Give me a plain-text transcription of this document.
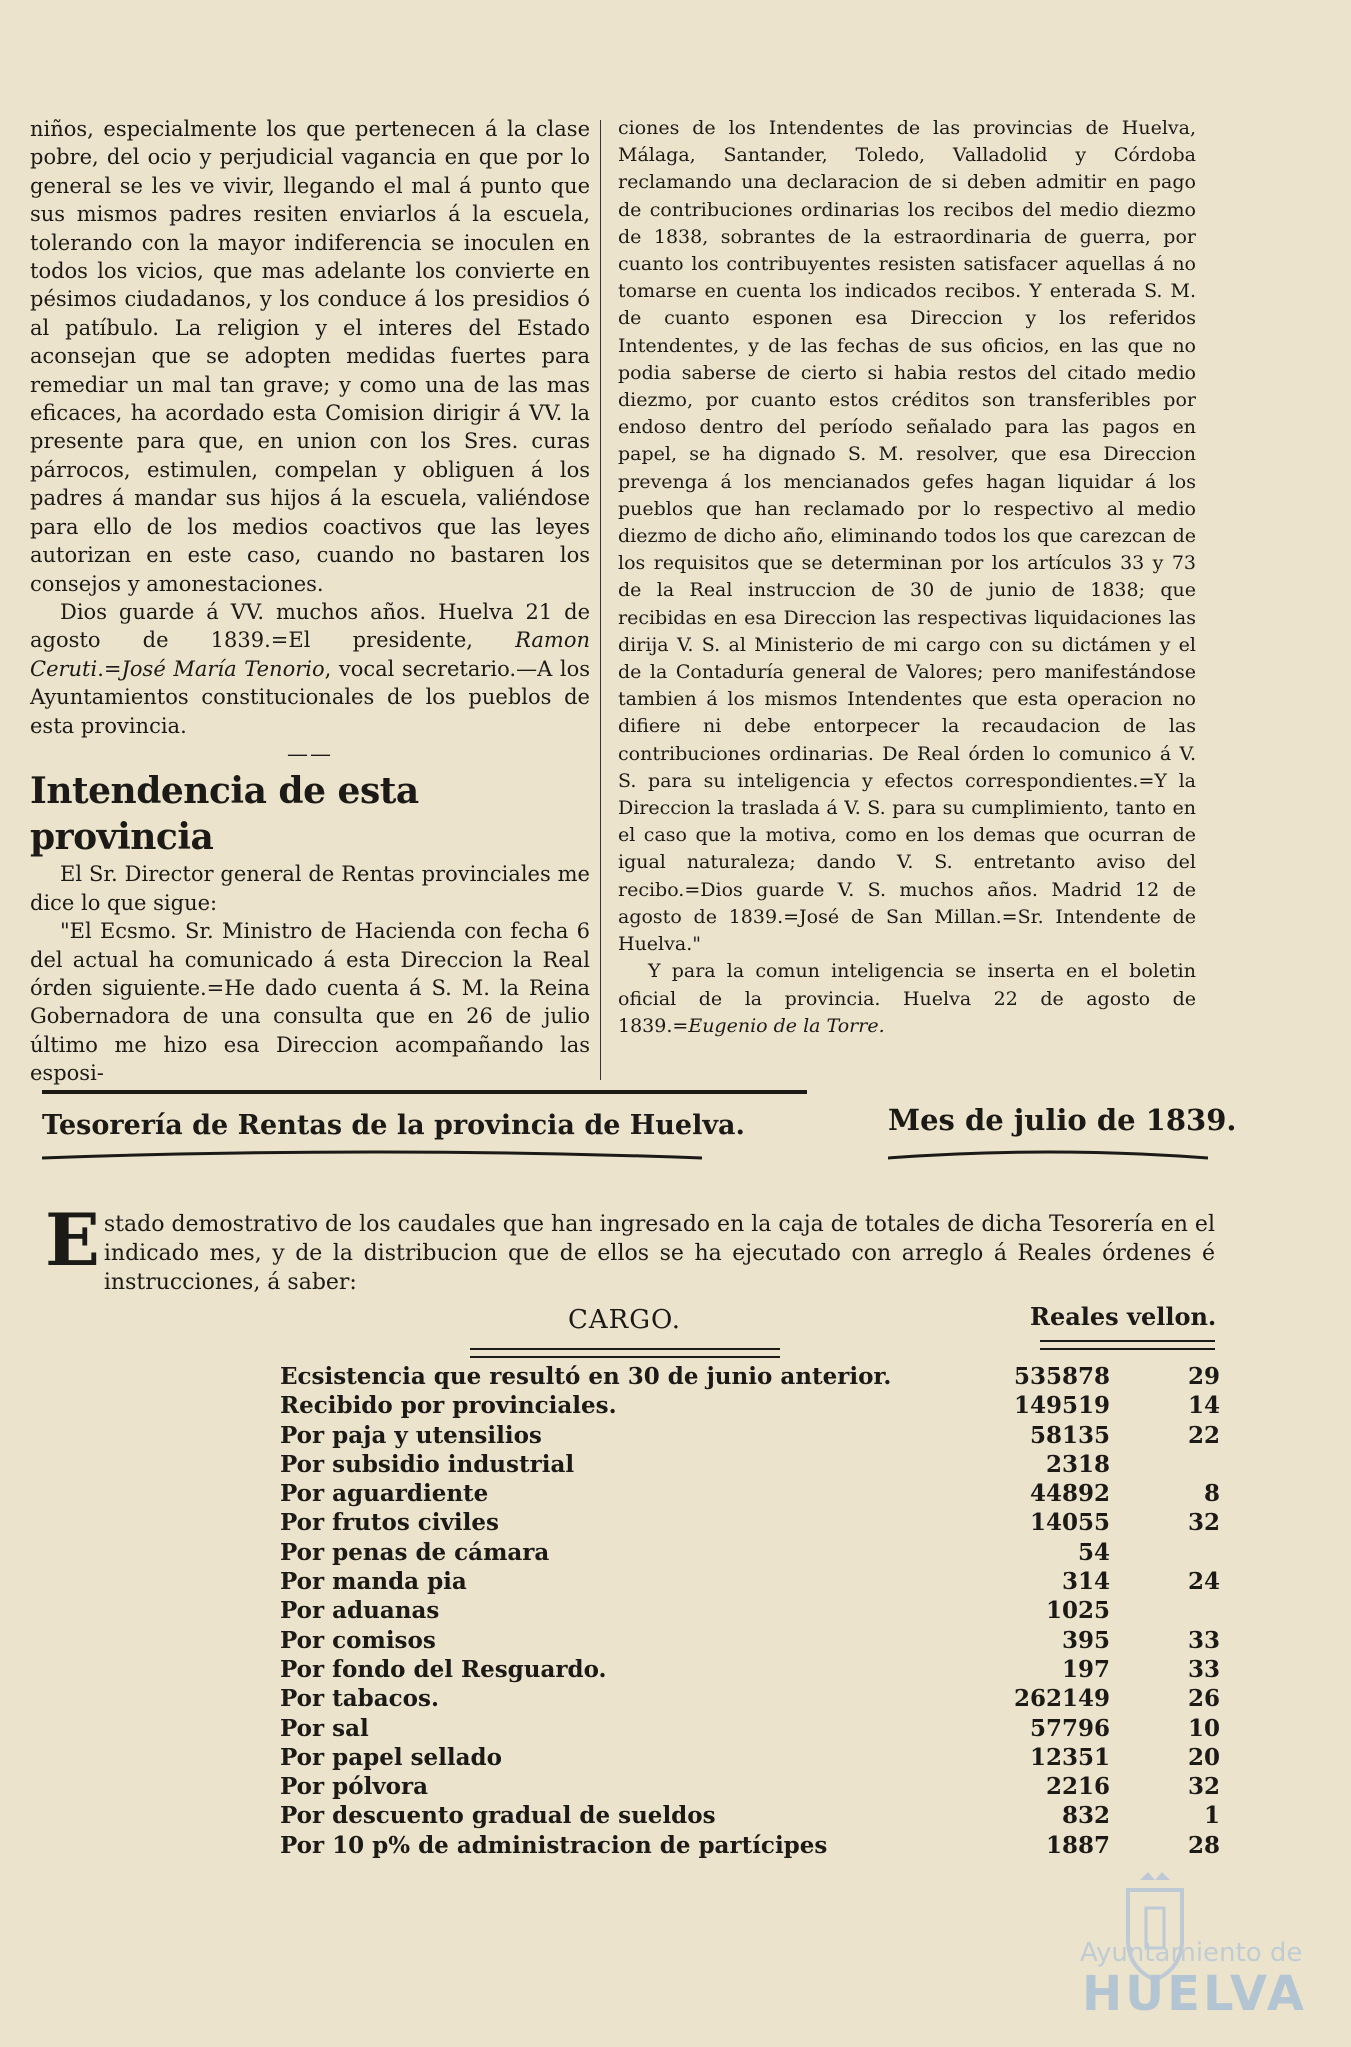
niños, especialmente los que pertenecen á la clase pobre, del ocio y perjudicial vagancia en que por lo general se les ve vivir, llegando el mal á punto que sus mismos padres resiten enviarlos á la escuela, tolerando con la mayor indiferencia se inoculen en todos los vicios, que mas adelante los convierte en pésimos ciudadanos, y los conduce á los presidios ó al patíbulo. La religion y el interes del Estado aconsejan que se adopten medidas fuertes para remediar un mal tan grave; y como una de las mas eficaces, ha acordado esta Comision dirigir á VV. la presente para que, en union con los Sres. curas párrocos, estimulen, compelan y obliguen á los padres á mandar sus hijos á la escuela, valiéndose para ello de los medios coactivos que las leyes autorizan en este caso, cuando no bastaren los consejos y amonestaciones.

Dios guarde á VV. muchos años. Huelva 21 de agosto de 1839.=El presidente, Ramon Ceruti.=José María Tenorio, vocal secretario.—A los Ayuntamientos constitucionales de los pueblos de esta provincia.

——

Intendencia de esta provincia

El Sr. Director general de Rentas provinciales me dice lo que sigue:

"El Ecsmo. Sr. Ministro de Hacienda con fecha 6 del actual ha comunicado á esta Direccion la Real órden siguiente.=He dado cuenta á S. M. la Reina Gobernadora de una consulta que en 26 de julio último me hizo esa Direccion acompañando las esposi-

ciones de los Intendentes de las provincias de Huelva, Málaga, Santander, Toledo, Valladolid y Córdoba reclamando una declaracion de si deben admitir en pago de contribuciones ordinarias los recibos del medio diezmo de 1838, sobrantes de la estraordinaria de guerra, por cuanto los contribuyentes resisten satisfacer aquellas á no tomarse en cuenta los indicados recibos. Y enterada S. M. de cuanto esponen esa Direccion y los referidos Intendentes, y de las fechas de sus oficios, en las que no podia saberse de cierto si habia restos del citado medio diezmo, por cuanto estos créditos son transferibles por endoso dentro del período señalado para las pagos en papel, se ha dignado S. M. resolver, que esa Direccion prevenga á los mencianados gefes hagan liquidar á los pueblos que han reclamado por lo respectivo al medio diezmo de dicho año, eliminando todos los que carezcan de los requisitos que se determinan por los artículos 33 y 73 de la Real instruccion de 30 de junio de 1838; que recibidas en esa Direccion las respectivas liquidaciones las dirija V. S. al Ministerio de mi cargo con su dictámen y el de la Contaduría general de Valores; pero manifestándose tambien á los mismos Intendentes que esta operacion no difiere ni debe entorpecer la recaudacion de las contribuciones ordinarias. De Real órden lo comunico á V. S. para su inteligencia y efectos correspondientes.=Y la Direccion la traslada á V. S. para su cumplimiento, tanto en el caso que la motiva, como en los demas que ocurran de igual naturaleza; dando V. S. entretanto aviso del recibo.=Dios guarde V. S. muchos años. Madrid 12 de agosto de 1839.=José de San Millan.=Sr. Intendente de Huelva."

Y para la comun inteligencia se inserta en el boletin oficial de la provincia. Huelva 22 de agosto de 1839.=Eugenio de la Torre.

Tesorería de Rentas de la provincia de Huelva.	Mes de julio de 1839.
Estado demostrativo de los caudales que han ingresado en la caja de totales de dicha Tesorería en el indicado mes, y de la distribucion que de ellos se ha ejecutado con arreglo á Reales órdenes é instrucciones, á saber:
CARGO.	Reales vellon.
Ecsistencia que resultó en 30 de junio anterior.	535878	29
Recibido por provinciales.	149519	14
Por paja y utensilios	58135	22
Por subsidio industrial	2318
Por aguardiente	44892	8
Por frutos civiles	14055	32
Por penas de cámara	54
Por manda pia	314	24
Por aduanas	1025
Por comisos	395	33
Por fondo del Resguardo.	197	33
Por tabacos.	262149	26
Por sal	57796	10
Por papel sellado	12351	20
Por pólvora	2216	32
Por descuento gradual de sueldos	832	1
Por 10 p% de administracion de partícipes	1887	28
Ayuntamiento de
HUELVA
